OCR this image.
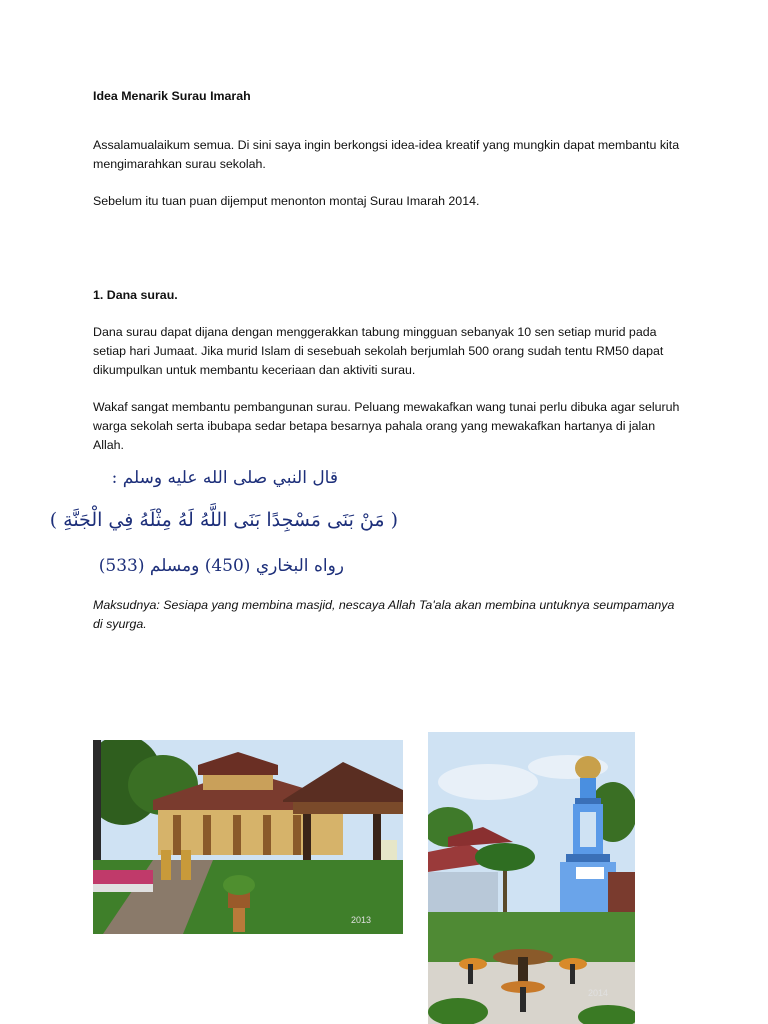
Idea Menarik Surau Imarah

Assalamualaikum semua. Di sini saya ingin berkongsi idea-idea kreatif yang mungkin dapat membantu kita mengimarahkan surau sekolah.

Sebelum itu tuan puan dijemput menonton montaj Surau Imarah 2014.

1. Dana surau.

Dana surau dapat dijana dengan menggerakkan tabung mingguan sebanyak 10 sen setiap murid pada setiap hari Jumaat. Jika murid Islam di sesebuah sekolah berjumlah 500 orang sudah tentu RM50 dapat dikumpulkan untuk membantu keceriaan dan aktiviti surau.

Wakaf sangat membantu pembangunan surau. Peluang mewakafkan wang tunai perlu dibuka agar seluruh warga sekolah serta ibubapa sedar betapa besarnya pahala orang yang mewakafkan hartanya di jalan Allah.

قال النبي صلى الله عليه وسلم :
( مَنْ بَنَى مَسْجِدًا بَنَى اللَّهُ لَهُ مِثْلَهُ فِي الْجَنَّةِ )
رواه البخاري (450) ومسلم (533)

Maksudnya: Sesiapa yang membina masjid, nescaya Allah Ta'ala akan membina untuknya seumpamanya di syurga.

2013
2014
